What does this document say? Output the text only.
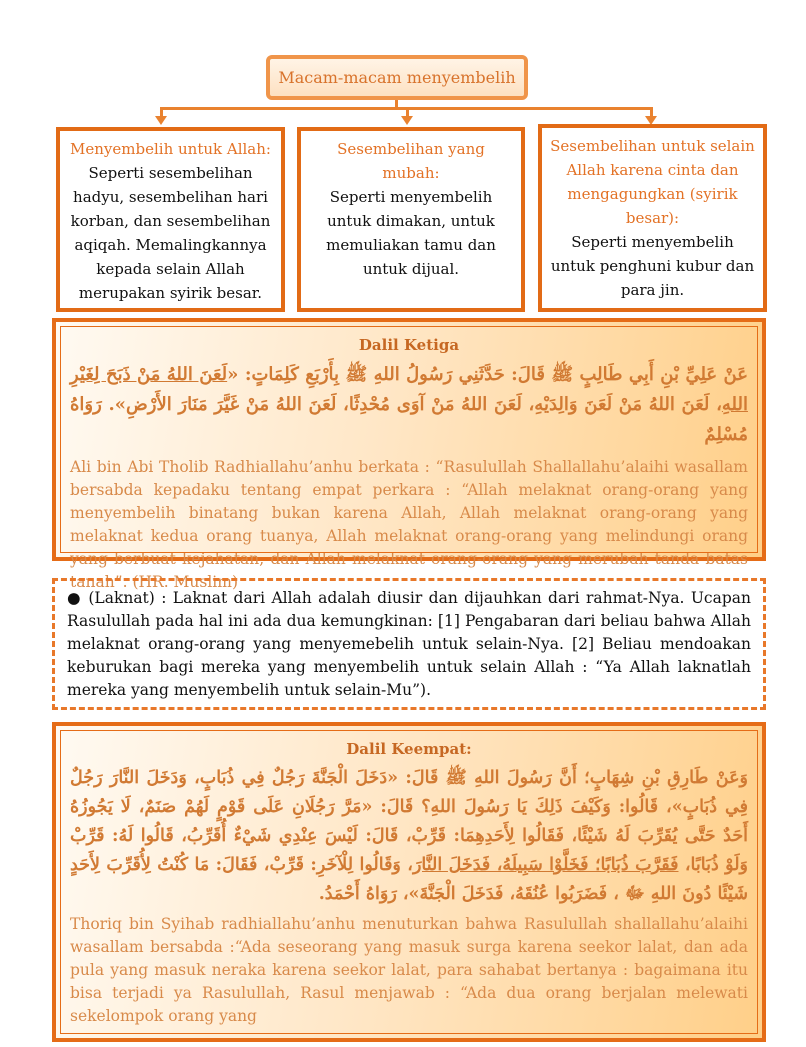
Macam-macam menyembelih
Menyembelih untuk Allah:
Seperti sesembelihan hadyu, sesembelihan hari korban, dan sesembelihan aqiqah. Memalingkannya kepada selain Allah merupakan syirik besar.
Sesembelihan yang mubah:
Seperti menyembelih untuk dimakan, untuk memuliakan tamu dan untuk dijual.
Sesembelihan untuk selain Allah karena cinta dan mengagungkan (syirik besar):
Seperti menyembelih untuk penghuni kubur dan para jin.
Dalil Ketiga
عَنْ عَلِيِّ بْنِ أَبِي طَالِبٍ ﷺ قَالَ: حَدَّثَنِي رَسُولُ اللهِ ﷺ بِأَرْبَعِ كَلِمَاتٍ: «لَعَنَ اللهُ مَنْ ذَبَحَ لِغَيْرِ اللهِ، لَعَنَ اللهُ مَنْ لَعَنَ وَالِدَيْهِ، لَعَنَ اللهُ مَنْ آوَى مُحْدِثًا، لَعَنَ اللهُ مَنْ غَيَّرَ مَنَارَ الأَرْضِ». رَوَاهُ مُسْلِمٌ
Ali bin Abi Tholib Radhiallahu’anhu berkata : “Rasulullah Shallallahu’alaihi wasallam bersabda kepadaku tentang empat perkara : “Allah melaknat orang-orang yang menyembelih binatang bukan karena Allah, Allah melaknat orang-orang yang melaknat kedua orang tuanya, Allah melaknat orang-orang yang melindungi orang yang berbuat kejahatan, dan Allah melaknat orang-orang yang merubah tanda batas tanah”. (HR. Muslim)
● (Laknat) : Laknat dari Allah adalah diusir dan dijauhkan dari rahmat-Nya. Ucapan Rasulullah pada hal ini ada dua kemungkinan: [1] Pengabaran dari beliau bahwa Allah melaknat orang-orang yang menyemebelih untuk selain-Nya. [2] Beliau mendoakan keburukan bagi mereka yang menyembelih untuk selain Allah : “Ya Allah laknatlah mereka yang menyembelih untuk selain-Mu”).
Dalil Keempat:
وَعَنْ طَارِقِ بْنِ شِهَابٍ؛ أَنَّ رَسُولَ اللهِ ﷺ قَالَ: «دَخَلَ الْجَنَّةَ رَجُلٌ فِي ذُبَابٍ، وَدَخَلَ النَّارَ رَجُلٌ فِي ذُبَابٍ»، قَالُوا: وَكَيْفَ ذَلِكَ يَا رَسُولَ اللهِ؟ قَالَ: «مَرَّ رَجُلَانِ عَلَى قَوْمٍ لَهُمْ صَنَمٌ، لَا يَجُوزُهُ أَحَدٌ حَتَّى يُقَرِّبَ لَهُ شَيْئًا، فَقَالُوا لِأَحَدِهِمَا: قَرِّبْ، قَالَ: لَيْسَ عِنْدِي شَيْءٌ أُقَرِّبُ، قَالُوا لَهُ: قَرِّبْ وَلَوْ ذُبَابًا، فَقَرَّبَ ذُبَابًا؛ فَخَلَّوْا سَبِيلَهُ، فَدَخَلَ النَّارَ، وَقَالُوا لِلْآخَرِ: قَرِّبْ، فَقَالَ: مَا كُنْتُ لِأُقَرِّبَ لِأَحَدٍ شَيْئًا دُونَ اللهِ ﷻ ، فَضَرَبُوا عُنُقَهُ، فَدَخَلَ الْجَنَّةَ»، رَوَاهُ أَحْمَدُ.
Thoriq bin Syihab radhiallahu’anhu menuturkan bahwa Rasulullah shallallahu’alaihi wasallam bersabda :“Ada seseorang yang masuk surga karena seekor lalat, dan ada pula yang masuk neraka karena seekor lalat, para sahabat bertanya : bagaimana itu bisa terjadi ya Rasulullah, Rasul menjawab : “Ada dua orang berjalan melewati sekelompok orang yang
